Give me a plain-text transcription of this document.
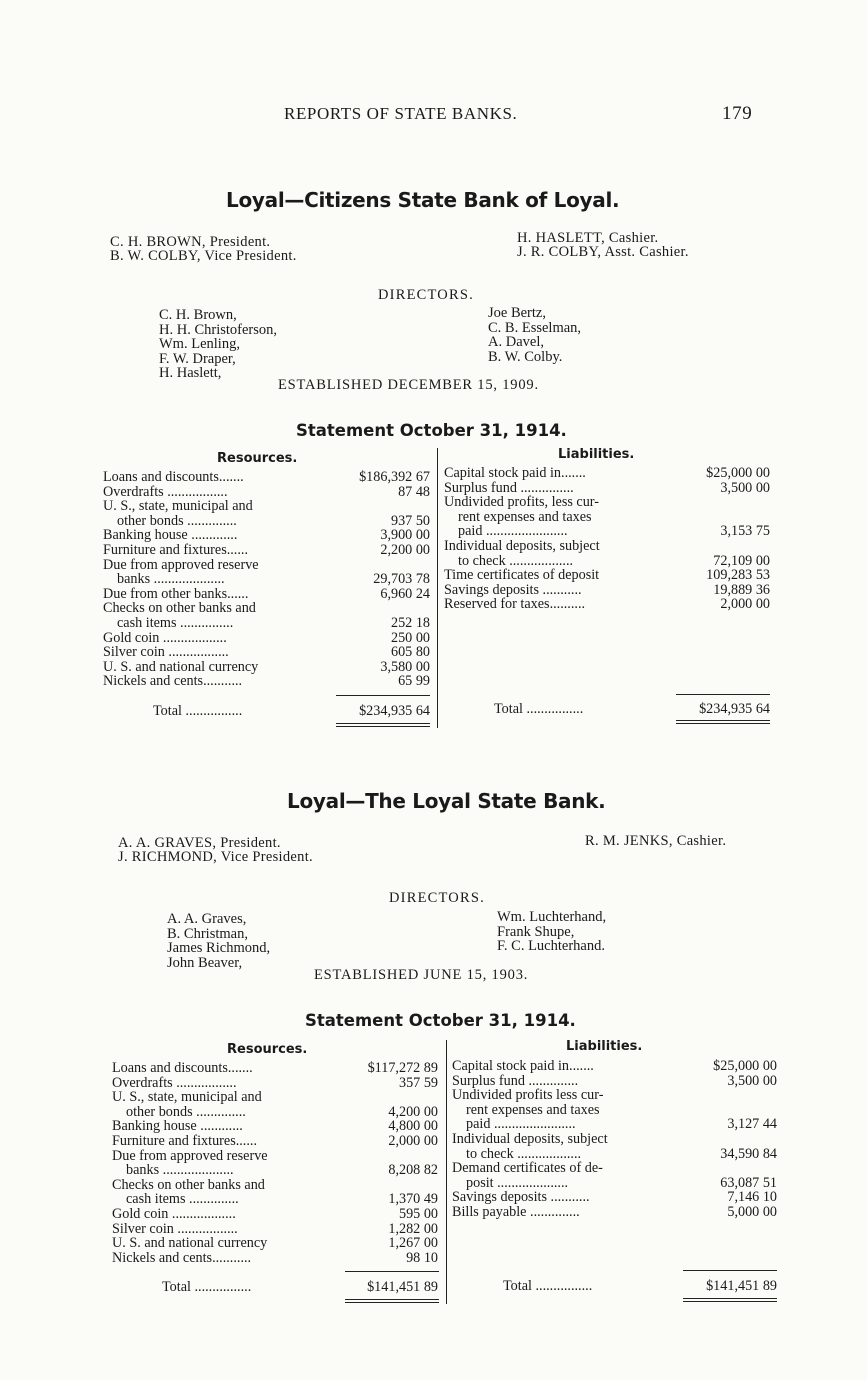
REPORTS OF STATE BANKS.	179
Loyal—Citizens State Bank of Loyal.
C. H. BROWN, President.
B. W. COLBY, Vice President.
H. HASLETT, Cashier.
J. R. COLBY, Asst. Cashier.
DIRECTORS.
C. H. Brown,
H. H. Christoferson,
Wm. Lenling,
F. W. Draper,
H. Haslett,
Joe Bertz,
C. B. Esselman,
A. Davel,
B. W. Colby.
ESTABLISHED DECEMBER 15, 1909.
Statement October 31, 1914.
Resources.	Liabilities.
Loans and discounts.......	$186,392 67
Overdrafts .................	87 48
U. S., state, municipal and
other bonds ..............	937 50
Banking house .............	3,900 00
Furniture and fixtures......	2,200 00
Due from approved reserve
banks ....................	29,703 78
Due from other banks......	6,960 24
Checks on other banks and
cash items ...............	252 18
Gold coin ..................	250 00
Silver coin .................	605 80
U. S. and national currency	3,580 00
Nickels and cents...........	65 99
Total ................	$234,935 64
Capital stock paid in.......	$25,000 00
Surplus fund ...............	3,500 00
Undivided profits, less cur-
rent expenses and taxes
paid .......................	3,153 75
Individual deposits, subject
to check ..................	72,109 00
Time certificates of deposit	109,283 53
Savings deposits ...........	19,889 36
Reserved for taxes..........	2,000 00
Total ................	$234,935 64
Loyal—The Loyal State Bank.
A. A. GRAVES, President.
J. RICHMOND, Vice President.
R. M. JENKS, Cashier.
DIRECTORS.
A. A. Graves,
B. Christman,
James Richmond,
John Beaver,
Wm. Luchterhand,
Frank Shupe,
F. C. Luchterhand.
ESTABLISHED JUNE 15, 1903.
Statement October 31, 1914.
Resources.	Liabilities.
Loans and discounts.......	$117,272 89
Overdrafts .................	357 59
U. S., state, municipal and
other bonds ..............	4,200 00
Banking house ............	4,800 00
Furniture and fixtures......	2,000 00
Due from approved reserve
banks ....................	8,208 82
Checks on other banks and
cash items ..............	1,370 49
Gold coin ..................	595 00
Silver coin .................	1,282 00
U. S. and national currency	1,267 00
Nickels and cents...........	98 10
Total ................	$141,451 89
Capital stock paid in.......	$25,000 00
Surplus fund ..............	3,500 00
Undivided profits less cur-
rent expenses and taxes
paid .......................	3,127 44
Individual deposits, subject
to check ..................	34,590 84
Demand certificates of de-
posit ....................	63,087 51
Savings deposits ...........	7,146 10
Bills payable ..............	5,000 00
Total ................	$141,451 89
